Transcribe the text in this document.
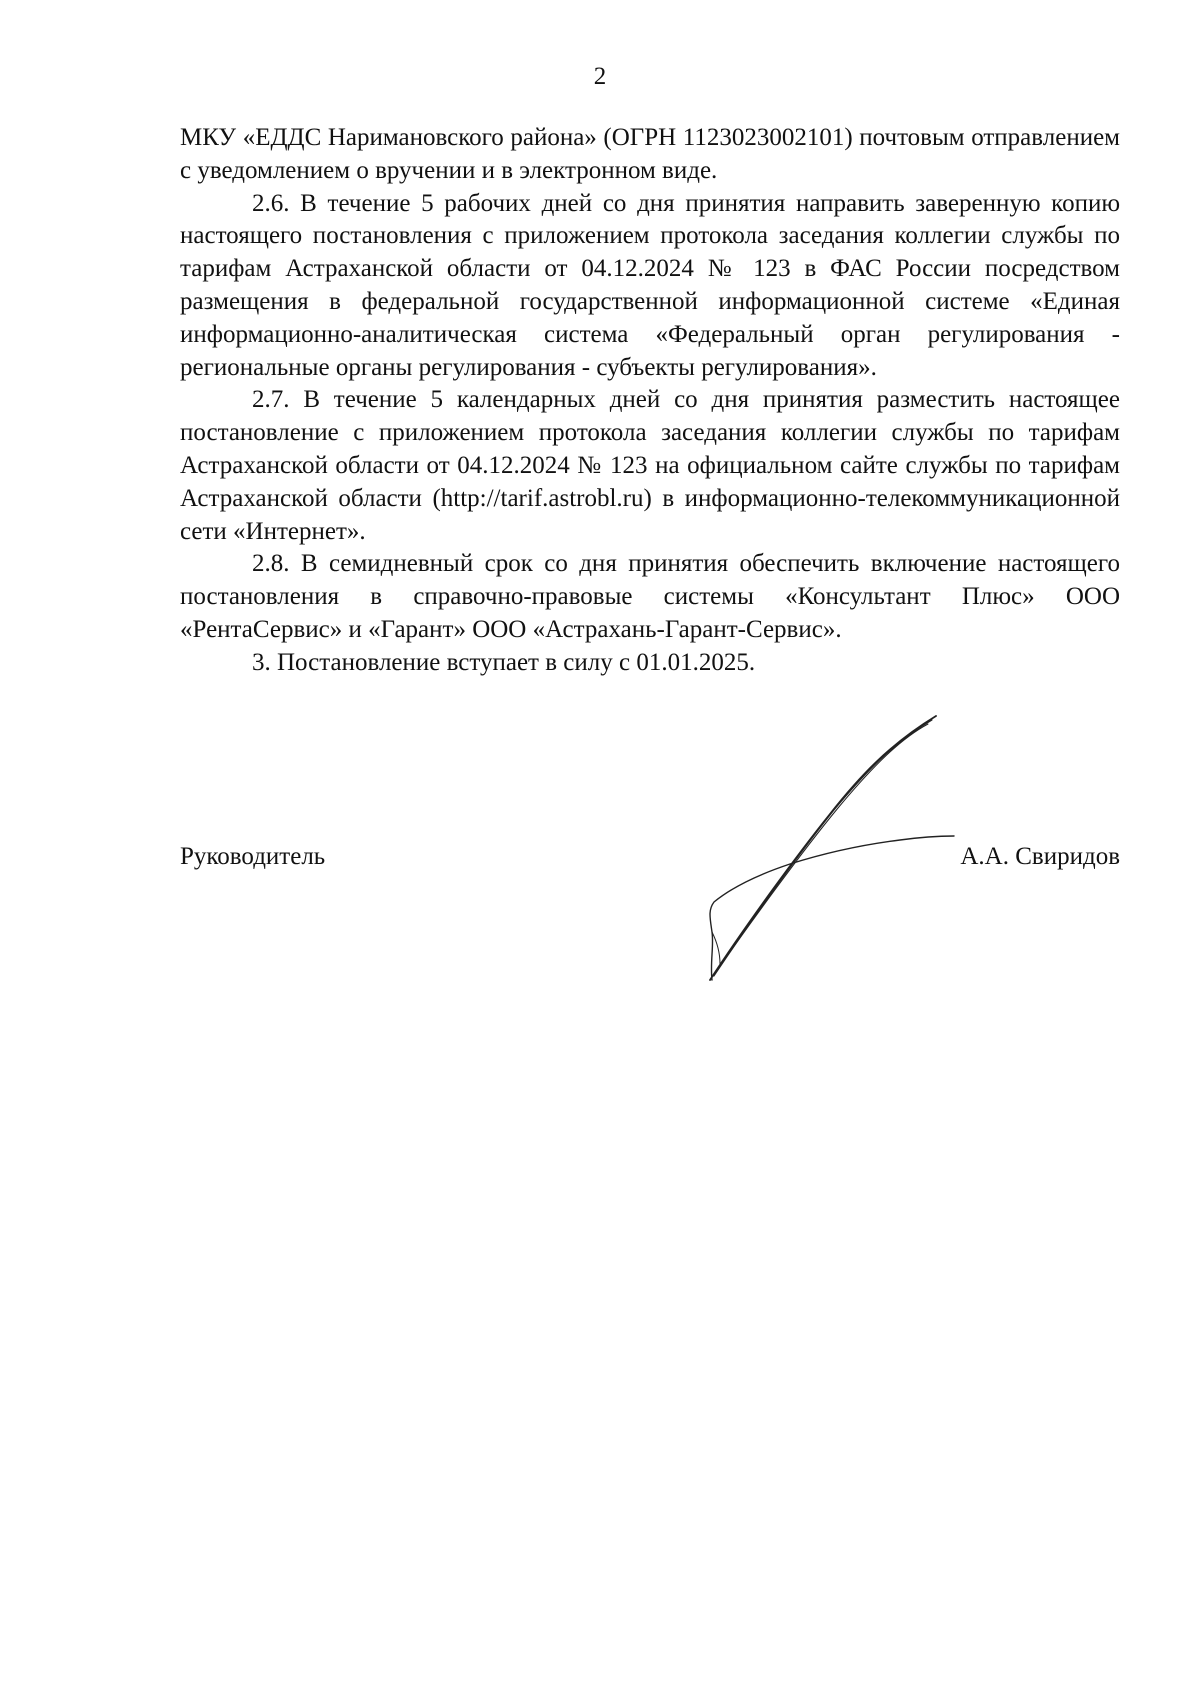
2

МКУ «ЕДДС Наримановского района» (ОГРН 1123023002101) почтовым отправлением с уведомлением о вручении и в электронном виде.

2.6. В течение 5 рабочих дней со дня принятия направить заверенную копию настоящего постановления с приложением протокола заседания коллегии службы по тарифам Астраханской области от 04.12.2024 № 123 в ФАС России посредством размещения в федеральной государственной информационной системе «Единая информационно-аналитическая система «Федеральный орган регулирования - региональные органы регулирования - субъекты регулирования».

2.7. В течение 5 календарных дней со дня принятия разместить настоящее постановление с приложением протокола заседания коллегии службы по тарифам Астраханской области от 04.12.2024 № 123 на официальном сайте службы по тарифам Астраханской области (http://tarif.astrobl.ru) в информационно-телекоммуникационной сети «Интернет».

2.8. В семидневный срок со дня принятия обеспечить включение настоящего постановления в справочно-правовые системы «Консультант Плюс» ООО «РентаСервис» и «Гарант» ООО «Астрахань-Гарант-Сервис».

3. Постановление вступает в силу с 01.01.2025.

Руководитель	А.А. Свиридов
